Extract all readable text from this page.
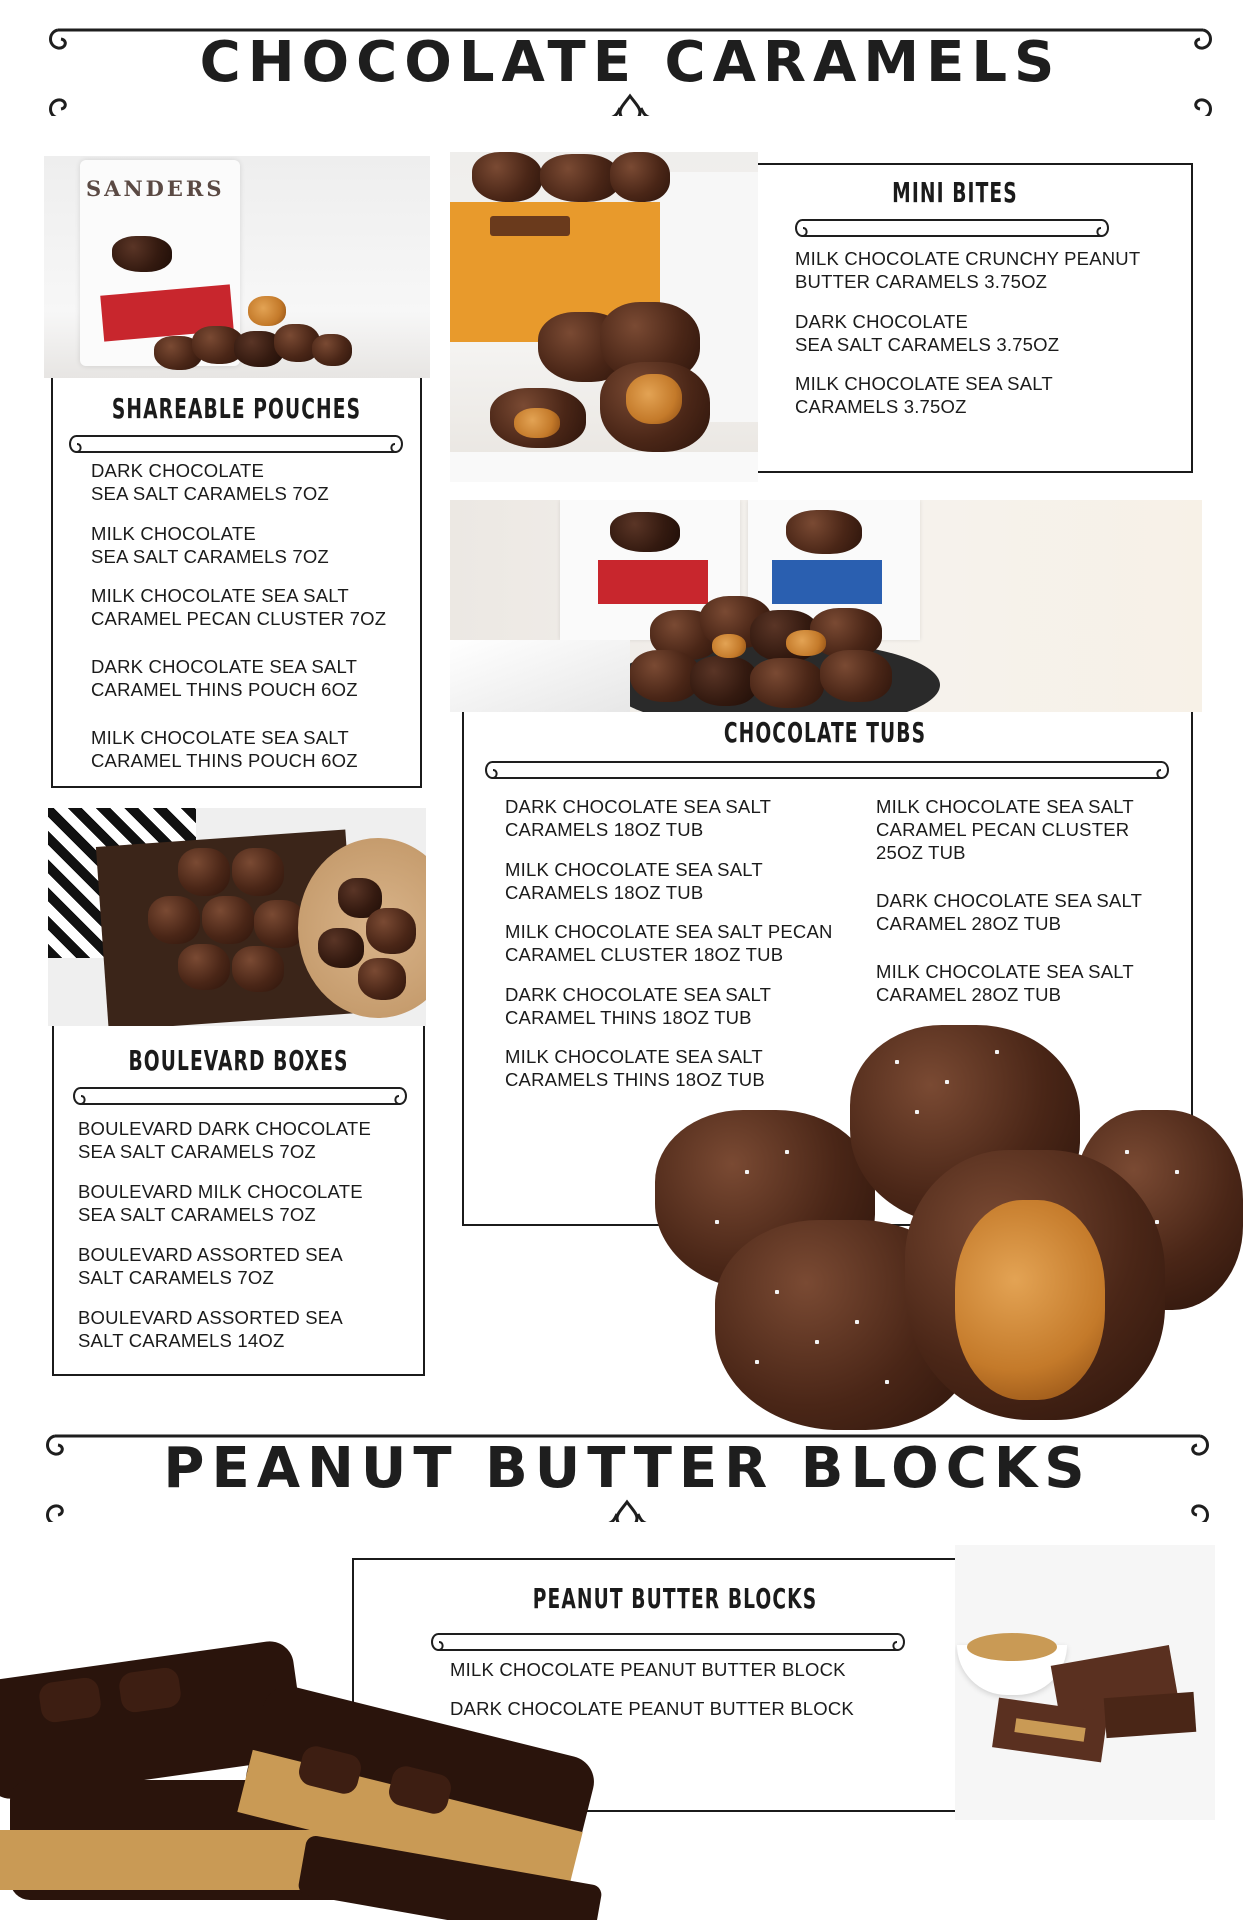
CHOCOLATE CARAMELS
SANDERS
SHAREABLE POUCHES
DARK CHOCOLATE
SEA SALT CARAMELS 7OZ
MILK CHOCOLATE
SEA SALT CARAMELS 7OZ
MILK CHOCOLATE SEA SALT
CARAMEL PECAN CLUSTER 7OZ
DARK CHOCOLATE SEA SALT
CARAMEL THINS POUCH 6OZ
MILK CHOCOLATE SEA SALT
CARAMEL THINS POUCH 6OZ
MINI BITES
MILK CHOCOLATE CRUNCHY PEANUT
BUTTER CARAMELS 3.75OZ
DARK CHOCOLATE
SEA SALT CARAMELS 3.75OZ
MILK CHOCOLATE SEA SALT
CARAMELS 3.75OZ
CHOCOLATE TUBS
DARK CHOCOLATE SEA SALT
CARAMELS 18OZ TUB
MILK CHOCOLATE SEA SALT
CARAMELS 18OZ TUB
MILK CHOCOLATE SEA SALT PECAN
CARAMEL CLUSTER 18OZ TUB
DARK CHOCOLATE SEA SALT
CARAMEL THINS 18OZ TUB
MILK CHOCOLATE SEA SALT
CARAMELS THINS 18OZ TUB
MILK CHOCOLATE SEA SALT
CARAMEL PECAN CLUSTER
25OZ TUB
DARK CHOCOLATE SEA SALT
CARAMEL 28OZ TUB
MILK CHOCOLATE SEA SALT
CARAMEL 28OZ TUB
BOULEVARD BOXES
BOULEVARD DARK CHOCOLATE
SEA SALT CARAMELS 7OZ
BOULEVARD MILK CHOCOLATE
SEA SALT CARAMELS 7OZ
BOULEVARD ASSORTED SEA
SALT CARAMELS 7OZ
BOULEVARD ASSORTED SEA
SALT CARAMELS 14OZ
PEANUT BUTTER BLOCKS
PEANUT BUTTER BLOCKS
MILK CHOCOLATE PEANUT BUTTER BLOCK
DARK CHOCOLATE PEANUT BUTTER BLOCK
